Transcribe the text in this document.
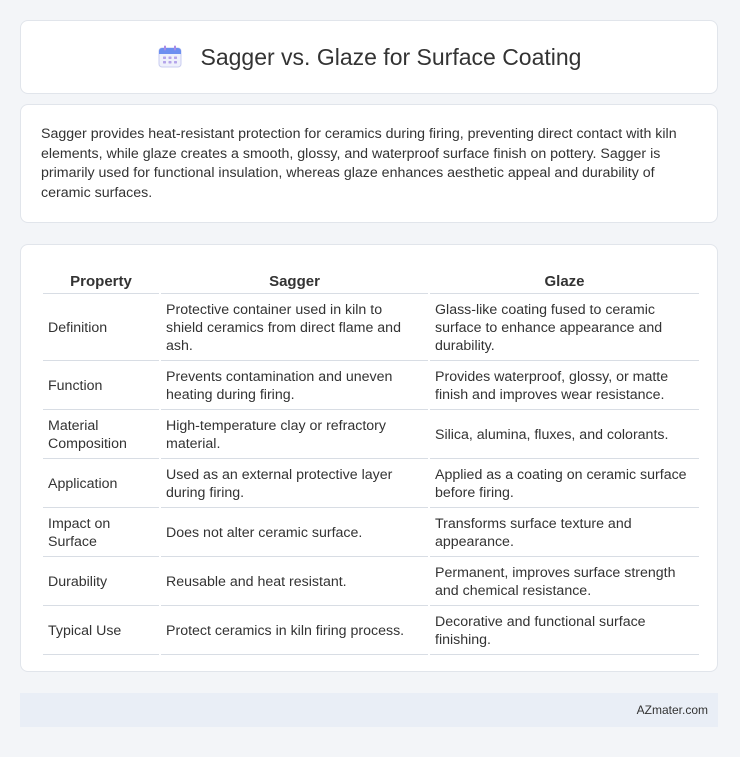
Sagger vs. Glaze for Surface Coating

Sagger provides heat-resistant protection for ceramics during firing, preventing direct contact with kiln elements, while glaze creates a smooth, glossy, and waterproof surface finish on pottery. Sagger is primarily used for functional insulation, whereas glaze enhances aesthetic appeal and durability of ceramic surfaces.

Property	Sagger	Glaze
Definition	Protective container used in kiln to shield ceramics from direct flame and ash.	Glass-like coating fused to ceramic surface to enhance appearance and durability.
Function	Prevents contamination and uneven heating during firing.	Provides waterproof, glossy, or matte finish and improves wear resistance.
Material Composition	High-temperature clay or refractory material.	Silica, alumina, fluxes, and colorants.
Application	Used as an external protective layer during firing.	Applied as a coating on ceramic surface before firing.
Impact on Surface	Does not alter ceramic surface.	Transforms surface texture and appearance.
Durability	Reusable and heat resistant.	Permanent, improves surface strength and chemical resistance.
Typical Use	Protect ceramics in kiln firing process.	Decorative and functional surface finishing.
AZmater.com
